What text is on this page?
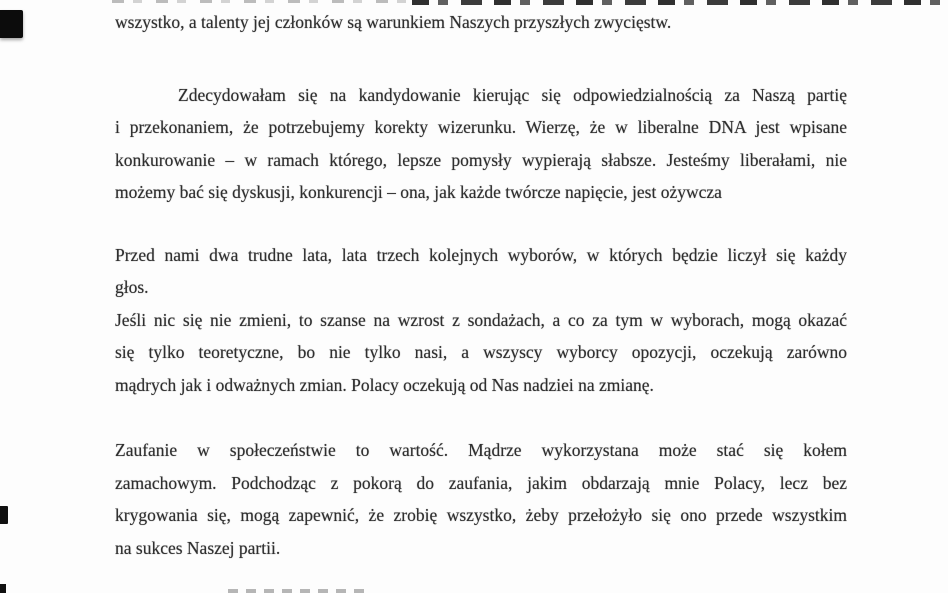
wszystko, a talenty jej członków są warunkiem Naszych przyszłych zwycięstw.
Zdecydowałam się na kandydowanie kierując się odpowiedzialnością za Naszą partię
i przekonaniem, że potrzebujemy korekty wizerunku. Wierzę, że w liberalne DNA jest wpisane
konkurowanie – w ramach którego, lepsze pomysły wypierają słabsze. Jesteśmy liberałami, nie
możemy bać się dyskusji, konkurencji – ona, jak każde twórcze napięcie, jest ożywcza
Przed nami dwa trudne lata, lata trzech kolejnych wyborów, w których będzie liczył się każdy
głos.
Jeśli nic się nie zmieni, to szanse na wzrost z sondażach, a co za tym w wyborach, mogą okazać
się tylko teoretyczne, bo nie tylko nasi, a wszyscy wyborcy opozycji, oczekują zarówno
mądrych jak i odważnych zmian. Polacy oczekują od Nas nadziei na zmianę.
Zaufanie w społeczeństwie to wartość. Mądrze wykorzystana może stać się kołem
zamachowym. Podchodząc z pokorą do zaufania, jakim obdarzają mnie Polacy, lecz bez
krygowania się, mogą zapewnić, że zrobię wszystko, żeby przełożyło się ono przede wszystkim
na sukces Naszej partii.
